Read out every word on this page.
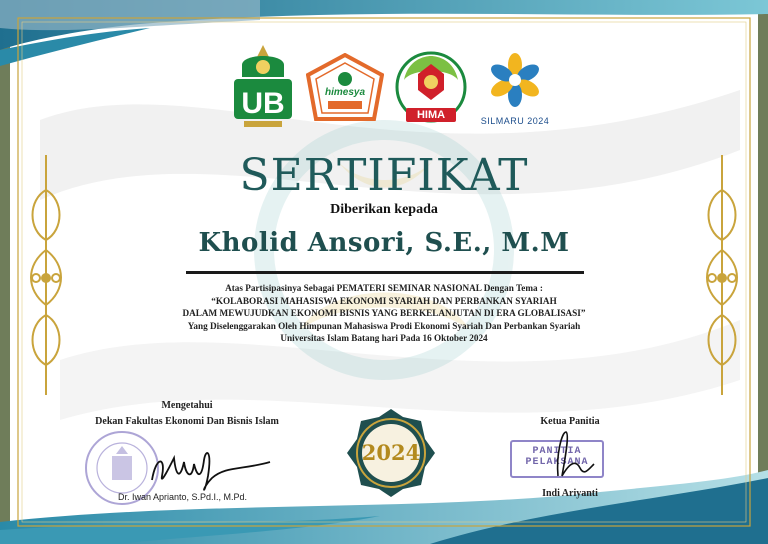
UB	himesya
HIMA	SILMARU 2024
SERTIFIKAT
Diberikan kepada
Kholid Ansori, S.E., M.M
Atas Partisipasinya Sebagai PEMATERI SEMINAR NASIONAL Dengan Tema :
“KOLABORASI MAHASISWA EKONOMI SYARIAH DAN PERBANKAN SYARIAH
DALAM MEWUJUDKAN EKONOMI BISNIS YANG BERKELANJUTAN DI ERA GLOBALISASI”
Yang Diselenggarakan Oleh Himpunan Mahasiswa Prodi Ekonomi Syariah Dan Perbankan Syariah
Universitas Islam Batang hari Pada 16 Oktober 2024
Mengetahui
Dekan Fakultas Ekonomi Dan Bisnis Islam
Dr. Iwan Aprianto, S.Pd.I., M.Pd.
2024
Ketua Panitia
PANITIA
PELAKSANA
Indi Ariyanti
